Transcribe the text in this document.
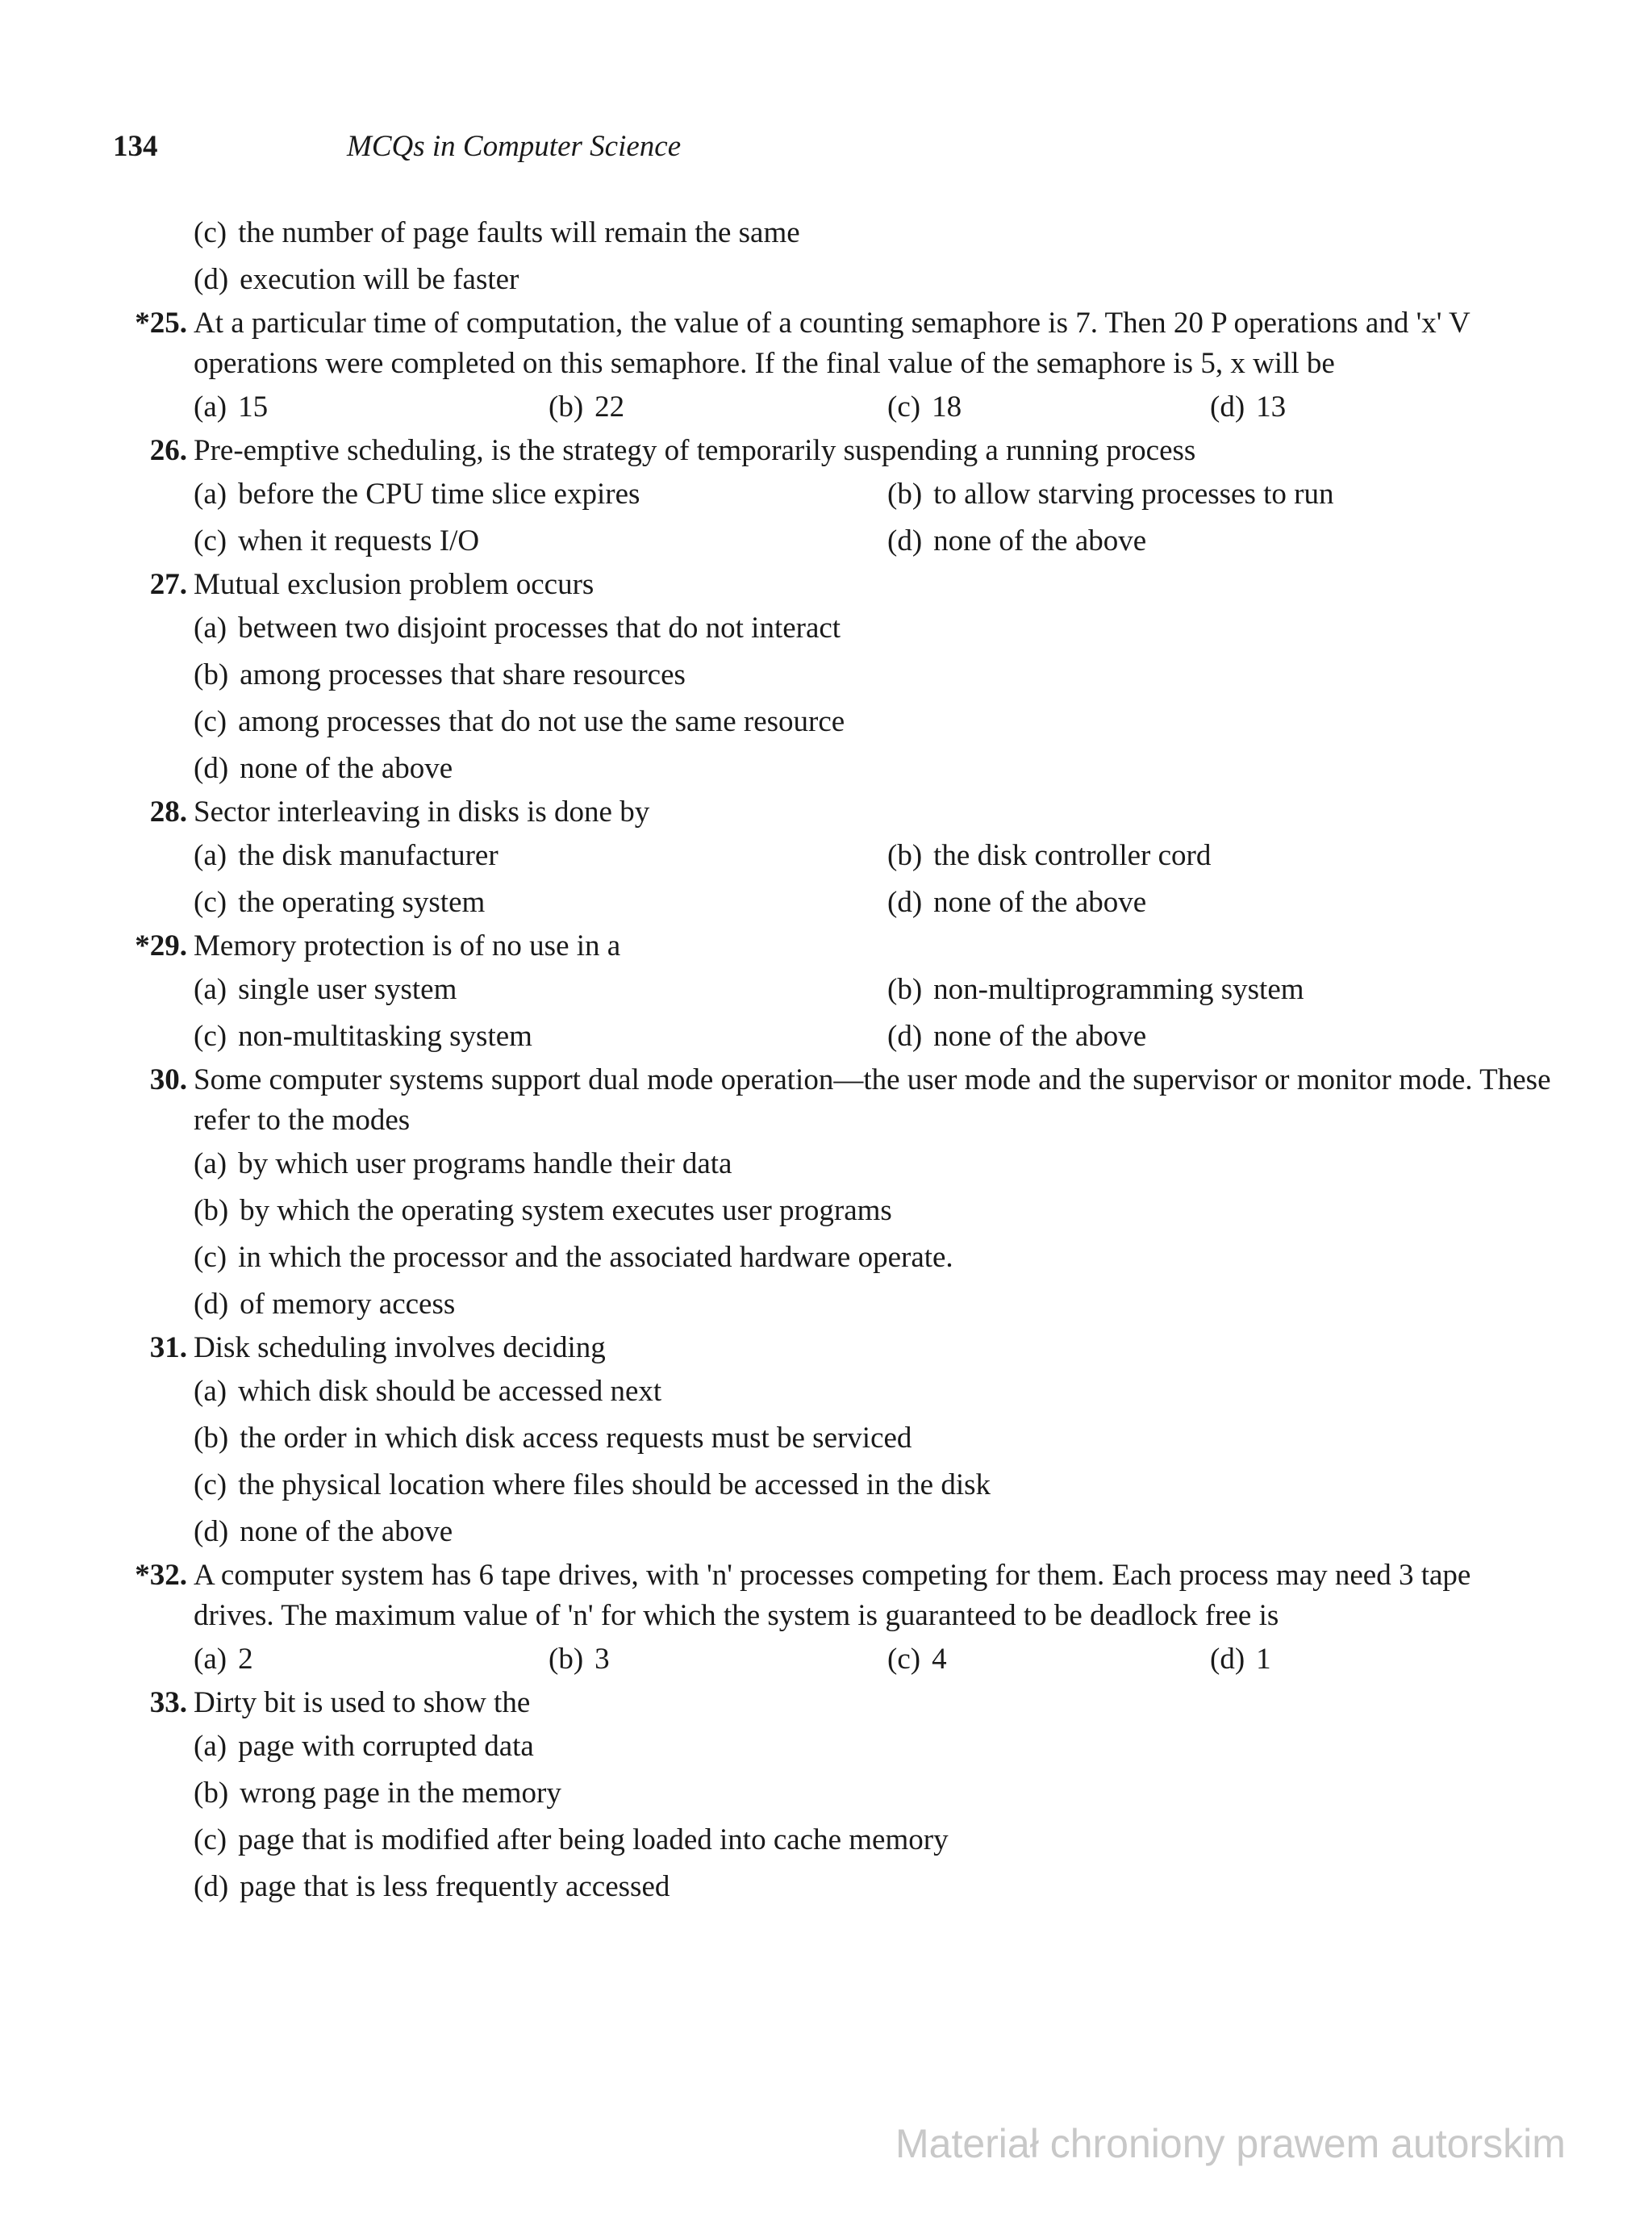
134	MCQs in Computer Science
(c) the number of page faults will remain the same
(d) execution will be faster
*25. At a particular time of computation, the value of a counting semaphore is 7. Then 20 P operations and 'x' V operations were completed on this semaphore. If the final value of the semaphore is 5, x will be

(a) 15	(b) 22	(c) 18	(d) 13
26. Pre-emptive scheduling, is the strategy of temporarily suspending a running process

(a) before the CPU time slice expires	(b) to allow starving processes to run
(c) when it requests I/O	(d) none of the above
27. Mutual exclusion problem occurs

(a) between two disjoint processes that do not interact
(b) among processes that share resources
(c) among processes that do not use the same resource
(d) none of the above
28. Sector interleaving in disks is done by

(a) the disk manufacturer	(b) the disk controller cord
(c) the operating system	(d) none of the above
*29. Memory protection is of no use in a

(a) single user system	(b) non-multiprogramming system
(c) non-multitasking system	(d) none of the above
30. Some computer systems support dual mode operation—the user mode and the supervisor or monitor mode. These refer to the modes

(a) by which user programs handle their data
(b) by which the operating system executes user programs
(c) in which the processor and the associated hardware operate.
(d) of memory access
31. Disk scheduling involves deciding

(a) which disk should be accessed next
(b) the order in which disk access requests must be serviced
(c) the physical location where files should be accessed in the disk
(d) none of the above
*32. A computer system has 6 tape drives, with 'n' processes competing for them. Each process may need 3 tape drives. The maximum value of 'n' for which the system is guaranteed to be deadlock free is

(a) 2	(b) 3	(c) 4	(d) 1
33. Dirty bit is used to show the

(a) page with corrupted data
(b) wrong page in the memory
(c) page that is modified after being loaded into cache memory
(d) page that is less frequently accessed
Materiał chroniony prawem autorskim
